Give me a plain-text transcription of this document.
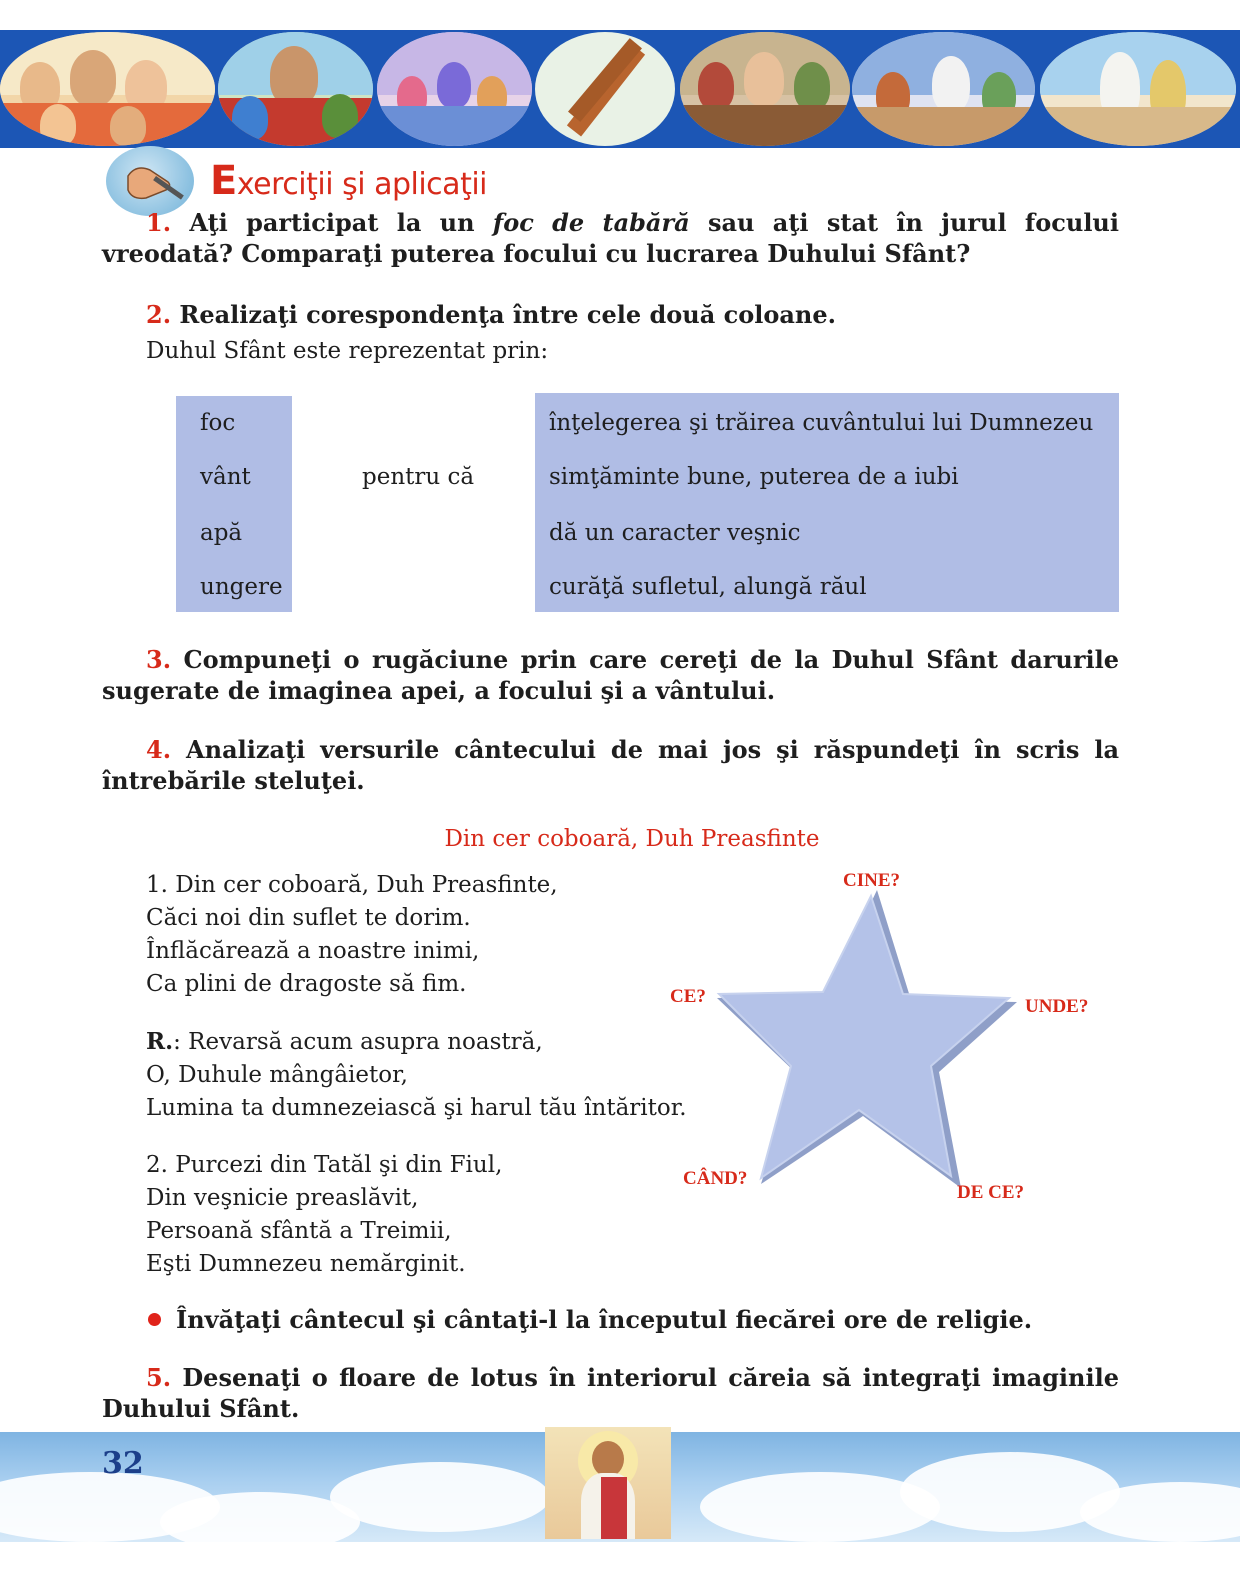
Exerciţii şi aplicaţii
1. Aţi participat la un foc de tabără sau aţi stat în jurul focului vreodată? Comparaţi puterea focului cu lucrarea Duhului Sfânt?
2. Realizaţi corespondenţa între cele două coloane.
Duhul Sfânt este reprezentat prin:
foc
vânt
apă
ungere
pentru că
înţelegerea şi trăirea cuvântului lui Dumnezeu
simţăminte bune, puterea de a iubi
dă un caracter veşnic
curăţă sufletul, alungă răul
3. Compuneţi o rugăciune prin care cereţi de la Duhul Sfânt darurile sugerate de imaginea apei, a focului şi a vântului.
4. Analizaţi versurile cântecului de mai jos şi răspundeţi în scris la întrebările steluţei.
Din cer coboară, Duh Preasfinte
1. Din cer coboară, Duh Preasfinte,
Căci noi din suflet te dorim.
Înflăcărează a noastre inimi,
Ca plini de dragoste să fim.
R.: Revarsă acum asupra noastră,
O, Duhule mângâietor,
Lumina ta dumnezeiască şi harul tău întăritor.
2. Purcezi din Tatăl şi din Fiul,
Din veşnicie preaslăvit,
Persoană sfântă a Treimii,
Eşti Dumnezeu nemărginit.
CINE?
CE?	UNDE?
CÂND?
DE CE?
Învăţaţi cântecul şi cântaţi-l la începutul fiecărei ore de religie.
5. Desenaţi o floare de lotus în interiorul căreia să integraţi imaginile Duhului Sfânt.
32
